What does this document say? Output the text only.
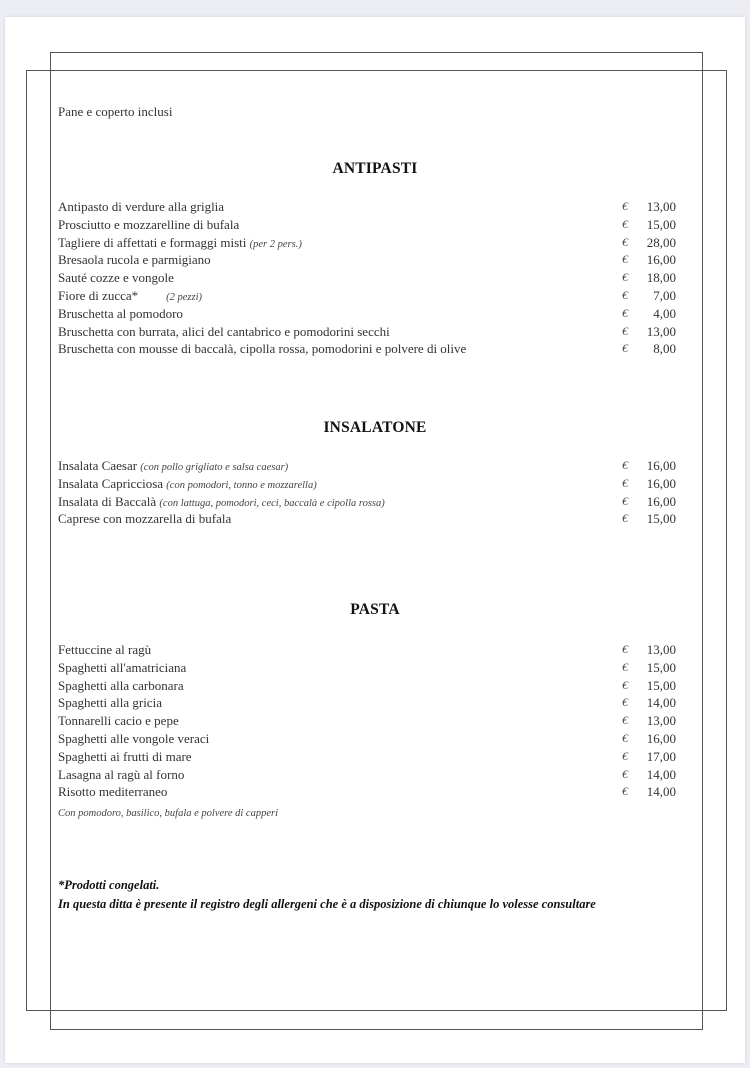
Pane e coperto inclusi
ANTIPASTI
Antipasto di verdure alla griglia	€ 13,00
Prosciutto e mozzarelline di bufala	€ 15,00
Tagliere di affettati e formaggi misti (per 2 pers.)	€ 28,00
Bresaola rucola e parmigiano	€ 16,00
Sauté cozze e vongole	€ 18,00
Fiore di zucca*	(2 pezzi)	€ 7,00
Bruschetta al pomodoro	€ 4,00
Bruschetta con burrata, alici del cantabrico e pomodorini secchi	€ 13,00
Bruschetta con mousse di baccalà, cipolla rossa, pomodorini e polvere di olive	€ 8,00
INSALATONE
Insalata Caesar (con pollo grigliato e salsa caesar)	€ 16,00
Insalata Capricciosa (con pomodori, tonno e mozzarella)	€ 16,00
Insalata di Baccalà (con lattuga, pomodori, ceci, baccalà e cipolla rossa)	€ 16,00
Caprese con mozzarella di bufala	€ 15,00
PASTA
Fettuccine al ragù	€ 13,00
Spaghetti all'amatriciana	€ 15,00
Spaghetti alla carbonara	€ 15,00
Spaghetti alla gricia	€ 14,00
Tonnarelli cacio e pepe	€ 13,00
Spaghetti alle vongole veraci	€ 16,00
Spaghetti ai frutti di mare	€ 17,00
Lasagna al ragù al forno	€ 14,00
Risotto mediterraneo	€ 14,00
Con pomodoro, basilico, bufala e polvere di capperi
*Prodotti congelati.
In questa ditta è presente il registro degli allergeni che è a disposizione di chiunque lo volesse consultare
